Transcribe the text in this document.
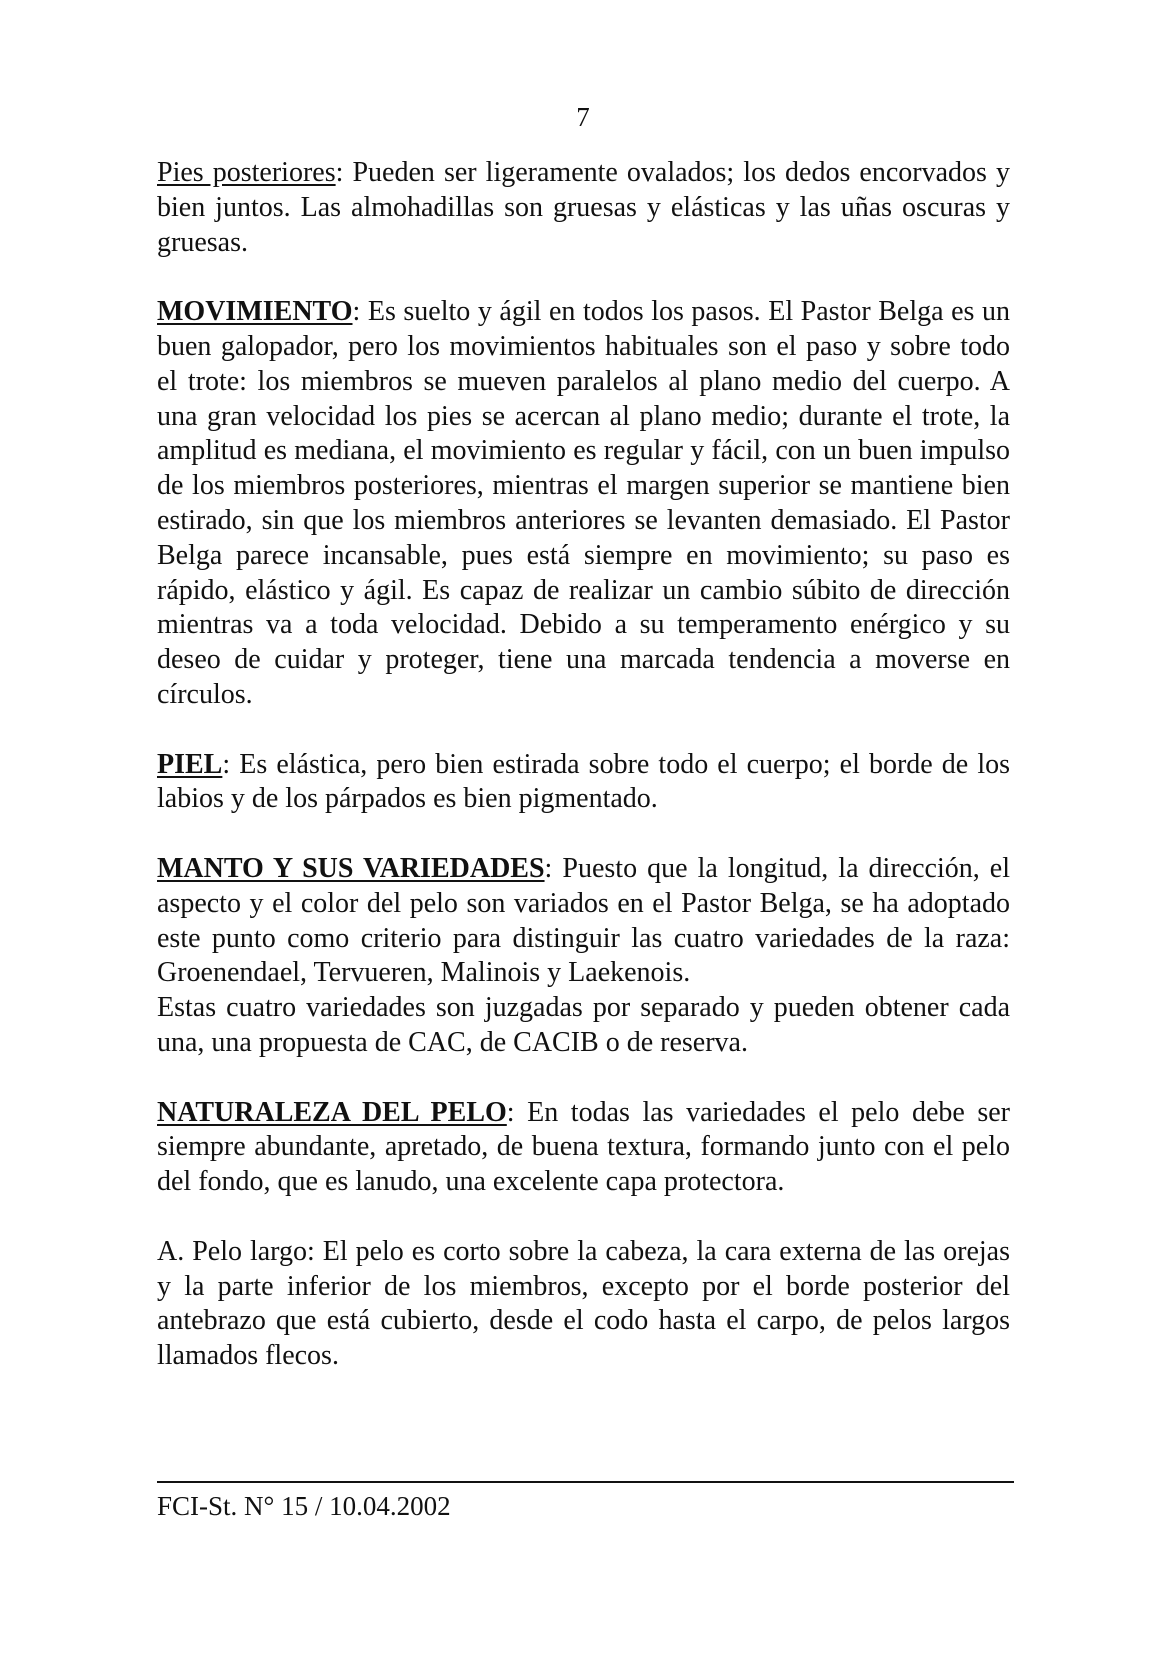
7

Pies posteriores: Pueden ser ligeramente ovalados; los dedos encorvados y bien juntos. Las almohadillas son gruesas y elásticas y las uñas oscuras y gruesas.

MOVIMIENTO: Es suelto y ágil en todos los pasos. El Pastor Belga es un buen galopador, pero los movimientos habituales son el paso y sobre todo el trote: los miembros se mueven paralelos al plano medio del cuerpo. A una gran velocidad los pies se acercan al plano medio; durante el trote, la amplitud es mediana, el movimiento es regular y fácil, con un buen impulso de los miembros posteriores, mientras el margen superior se mantiene bien estirado, sin que los miembros anteriores se levanten demasiado. El Pastor Belga parece incansable, pues está siempre en movimiento; su paso es rápido, elástico y ágil. Es capaz de realizar un cambio súbito de dirección mientras va a toda velocidad. Debido a su temperamento enérgico y su deseo de cuidar y proteger, tiene una marcada tendencia a moverse en círculos.

PIEL: Es elástica, pero bien estirada sobre todo el cuerpo; el borde de los labios y de los párpados es bien pigmentado.

MANTO Y SUS VARIEDADES: Puesto que la longitud, la dirección, el aspecto y el color del pelo son variados en el Pastor Belga, se ha adoptado este punto como criterio para distinguir las cuatro variedades de la raza: Groenendael, Tervueren, Malinois y Laekenois.

Estas cuatro variedades son juzgadas por separado y pueden obtener cada una, una propuesta de CAC, de CACIB o de reserva.

NATURALEZA DEL PELO: En todas las variedades el pelo debe ser siempre abundante, apretado, de buena textura, formando junto con el pelo del fondo, que es lanudo, una excelente capa protectora.

A. Pelo largo: El pelo es corto sobre la cabeza, la cara externa de las orejas y la parte inferior de los miembros, excepto por el borde posterior del antebrazo que está cubierto, desde el codo hasta el carpo, de pelos largos llamados flecos.

FCI-St. N° 15 / 10.04.2002
